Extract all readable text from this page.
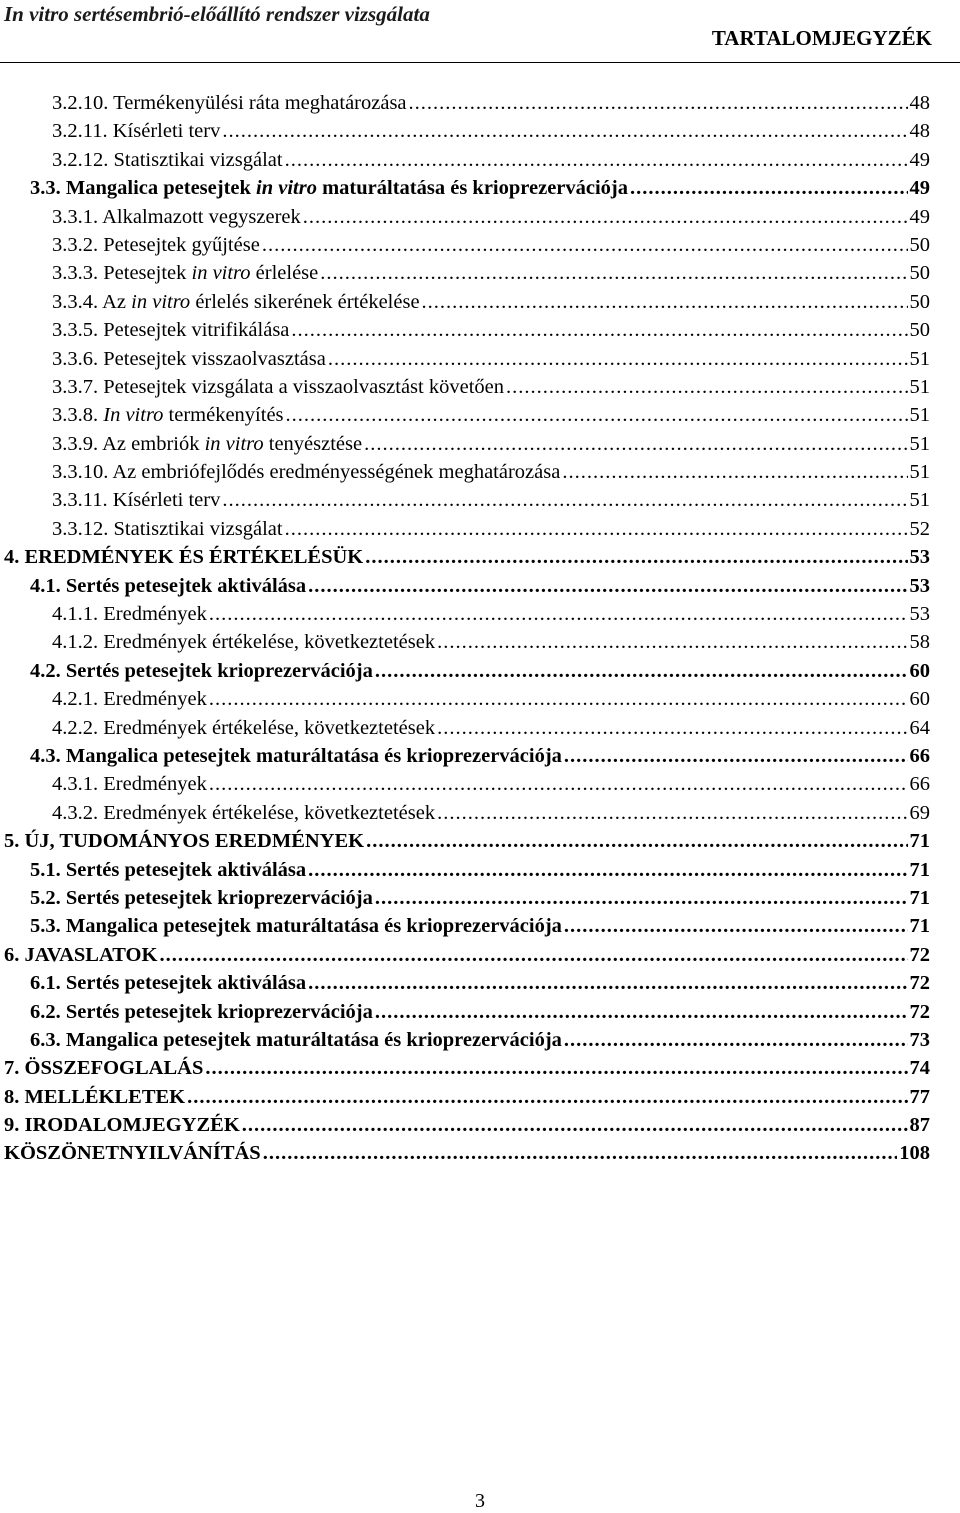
In vitro sertésembrió-előállító rendszer vizsgálata
TARTALOMJEGYZÉK
3.2.10. Termékenyülési ráta meghatározása .....	48
3.2.11. Kísérleti terv .....	48
3.2.12. Statisztikai vizsgálat .....	49
3.3. Mangalica petesejtek in vitro maturáltatása és krioprezervációja .....	49
3.3.1. Alkalmazott vegyszerek .....	49
3.3.2. Petesejtek gyűjtése .....	50
3.3.3. Petesejtek in vitro érlelése .....	50
3.3.4. Az in vitro érlelés sikerének értékelése .....	50
3.3.5. Petesejtek vitrifikálása .....	50
3.3.6. Petesejtek visszaolvasztása .....	51
3.3.7. Petesejtek vizsgálata a visszaolvasztást követően .....	51
3.3.8. In vitro termékenyítés .....	51
3.3.9. Az embriók in vitro tenyésztése .....	51
3.3.10. Az embriófejlődés eredményességének meghatározása .....	51
3.3.11. Kísérleti terv .....	51
3.3.12. Statisztikai vizsgálat .....	52
4. EREDMÉNYEK ÉS ÉRTÉKELÉSÜK .....	53
4.1. Sertés petesejtek aktiválása .....	53
4.1.1. Eredmények .....	53
4.1.2. Eredmények értékelése, következtetések .....	58
4.2. Sertés petesejtek krioprezervációja .....	60
4.2.1. Eredmények .....	60
4.2.2. Eredmények értékelése, következtetések .....	64
4.3. Mangalica petesejtek maturáltatása és krioprezervációja .....	66
4.3.1. Eredmények .....	66
4.3.2. Eredmények értékelése, következtetések .....	69
5. ÚJ, TUDOMÁNYOS EREDMÉNYEK .....	71
5.1. Sertés petesejtek aktiválása .....	71
5.2. Sertés petesejtek krioprezervációja .....	71
5.3. Mangalica petesejtek maturáltatása és krioprezervációja .....	71
6. JAVASLATOK .....	72
6.1. Sertés petesejtek aktiválása .....	72
6.2. Sertés petesejtek krioprezervációja .....	72
6.3. Mangalica petesejtek maturáltatása és krioprezervációja .....	73
7. ÖSSZEFOGLALÁS .....	74
8. MELLÉKLETEK .....	77
9. IRODALOMJEGYZÉK .....	87
KÖSZÖNETNYILVÁNÍTÁS .....	108
3
